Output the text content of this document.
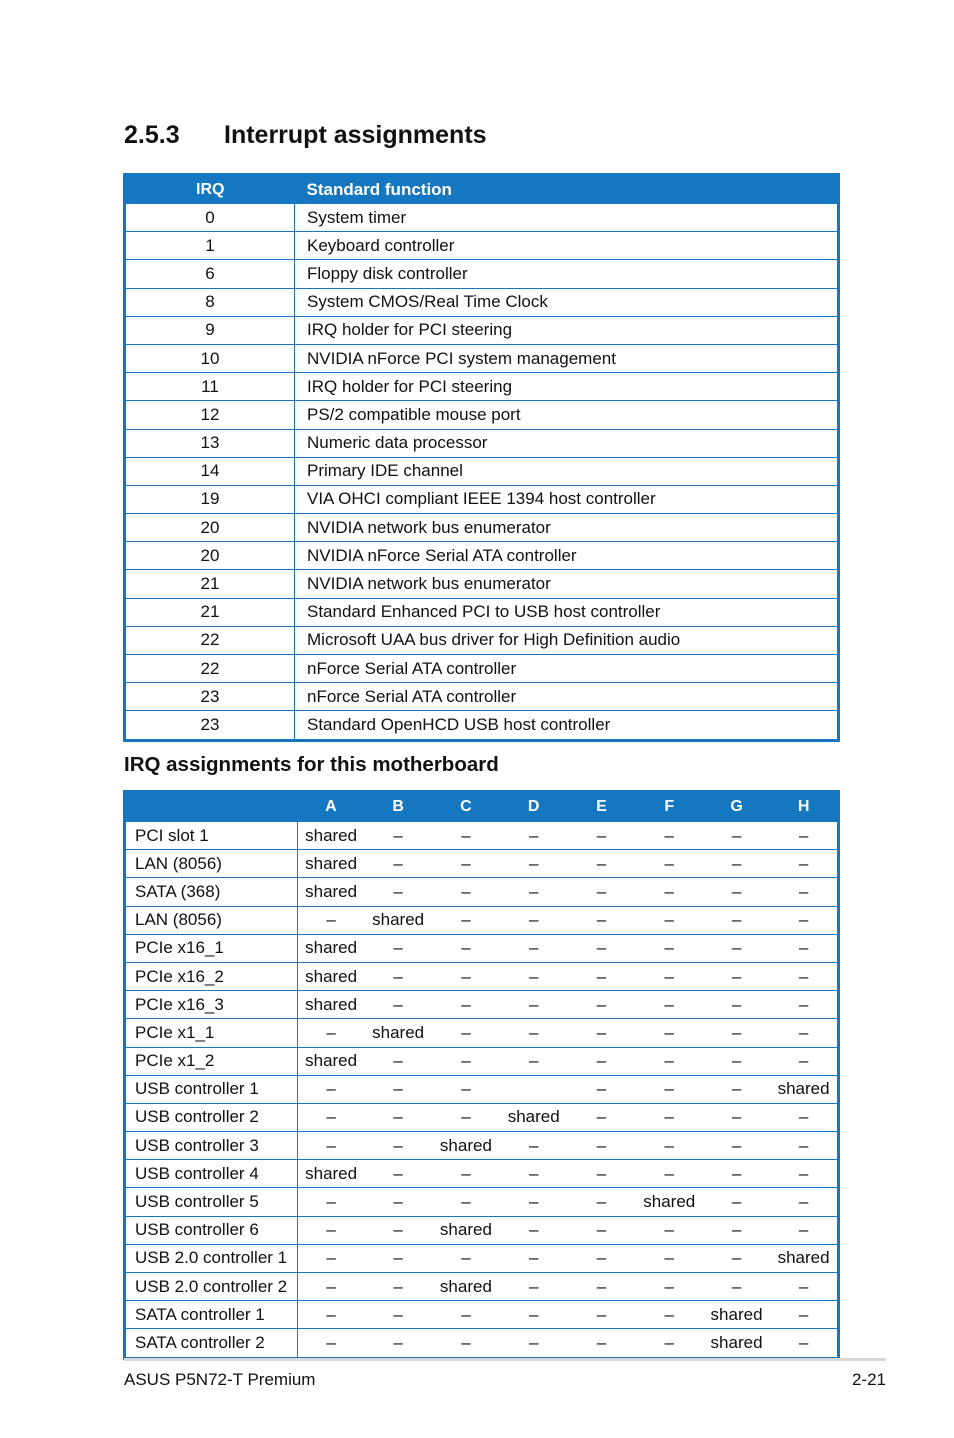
2.5.3 Interrupt assignments
IRQ	Standard function
0	System timer
1	Keyboard controller
6	Floppy disk controller
8	System CMOS/Real Time Clock
9	IRQ holder for PCI steering
10	NVIDIA nForce PCI system management
11	IRQ holder for PCI steering
12	PS/2 compatible mouse port
13	Numeric data processor
14	Primary IDE channel
19	VIA OHCI compliant IEEE 1394 host controller
20	NVIDIA network bus enumerator
20	NVIDIA nForce Serial ATA controller
21	NVIDIA network bus enumerator
21	Standard Enhanced PCI to USB host controller
22	Microsoft UAA bus driver for High Definition audio
22	nForce Serial ATA controller
23	nForce Serial ATA controller
23	Standard OpenHCD USB host controller
IRQ assignments for this motherboard
	A	B	C	D	E	F	G	H
PCI slot 1	shared	–	–	–	–	–	–	–
LAN (8056)	shared	–	–	–	–	–	–	–
SATA (368)	shared	–	–	–	–	–	–	–
LAN (8056)	–	shared	–	–	–	–	–	–
PCIe x16_1	shared	–	–	–	–	–	–	–
PCIe x16_2	shared	–	–	–	–	–	–	–
PCIe x16_3	shared	–	–	–	–	–	–	–
PCIe x1_1	–	shared	–	–	–	–	–	–
PCIe x1_2	shared	–	–	–	–	–	–	–
USB controller 1	–	–	–		–	–	–	shared
USB controller 2	–	–	–	shared	–	–	–	–
USB controller 3	–	–	shared	–	–	–	–	–
USB controller 4	shared	–	–	–	–	–	–	–
USB controller 5	–	–	–	–	–	shared	–	–
USB controller 6	–	–	shared	–	–	–	–	–
USB 2.0 controller 1	–	–	–	–	–	–	–	shared
USB 2.0 controller 2	–	–	shared	–	–	–	–	–
SATA controller 1	–	–	–	–	–	–	shared	–
SATA controller 2	–	–	–	–	–	–	shared	–
ASUS P5N72-T Premium	2-21
